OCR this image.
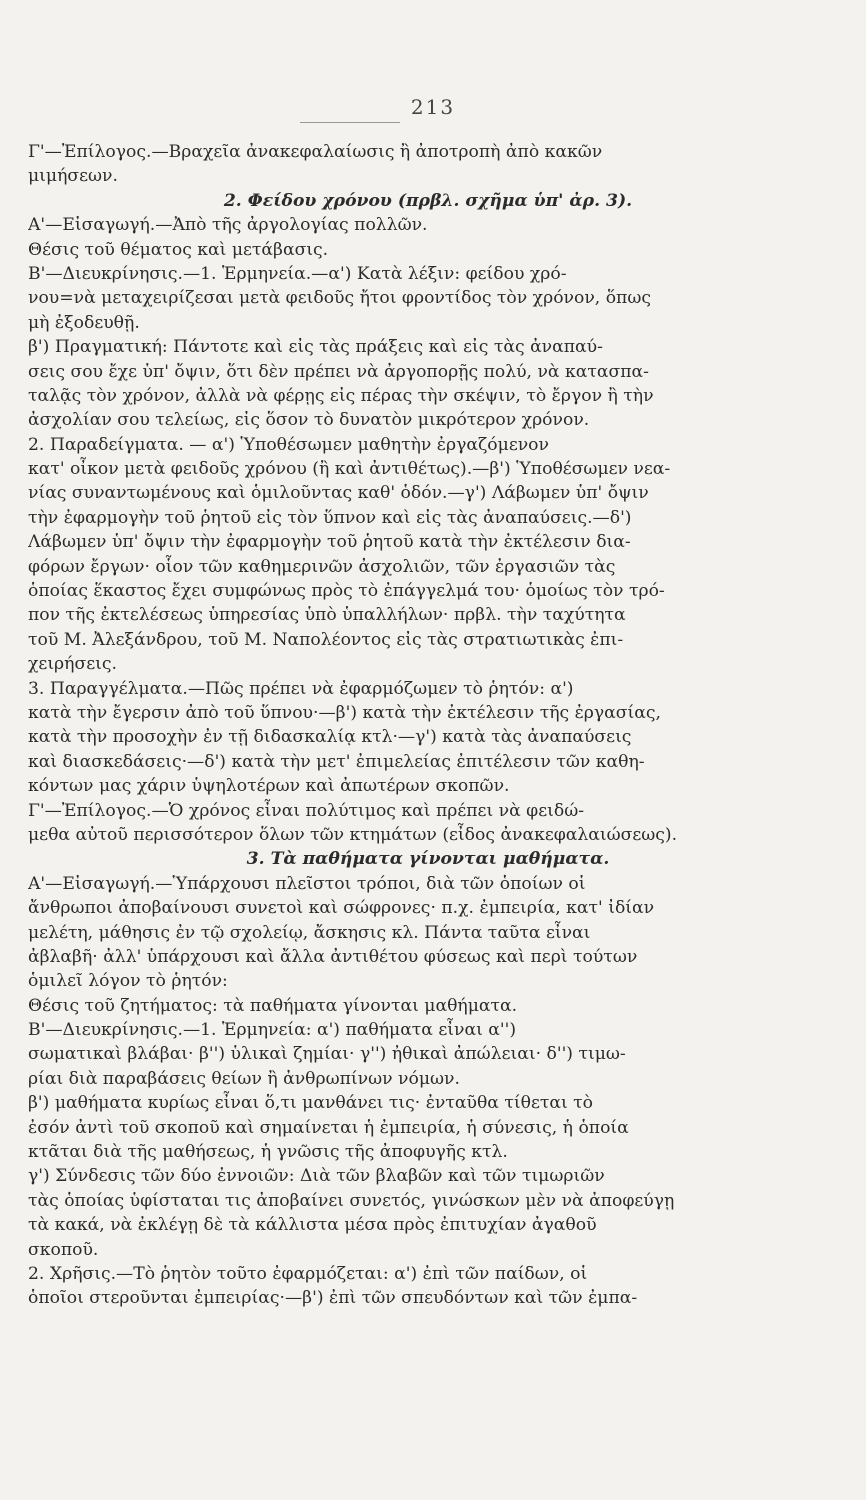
213
Γ'—Ἐπίλογος.—Βραχεῖα ἀνακεφαλαίωσις ἢ ἀποτροπὴ ἀπὸ κακῶν
μιμήσεων.
2. Φείδου χρόνου (πρβλ. σχῆμα ὑπ' ἀρ. 3).
Α'—Εἰσαγωγή.—Ἀπὸ τῆς ἀργολογίας πολλῶν.
Θέσις τοῦ θέματος καὶ μετάβασις.
Β'—Διευκρίνησις.—1. Ἑρμηνεία.—α') Κατὰ λέξιν: φείδου χρό-
νου=νὰ μεταχειρίζεσαι μετὰ φειδοῦς ἤτοι φροντίδος τὸν χρόνον, ὅπως
μὴ ἐξοδευθῇ.
β') Πραγματική: Πάντοτε καὶ εἰς τὰς πράξεις καὶ εἰς τὰς ἀναπαύ-
σεις σου ἔχε ὑπ' ὄψιν, ὅτι δὲν πρέπει νὰ ἀργοπορῇς πολύ, νὰ κατασπα-
ταλᾷς τὸν χρόνον, ἀλλὰ νὰ φέρῃς εἰς πέρας τὴν σκέψιν, τὸ ἔργον ἢ τὴν
ἀσχολίαν σου τελείως, εἰς ὅσον τὸ δυνατὸν μικρότερον χρόνον.
2. Παραδείγματα. — α') Ὑποθέσωμεν μαθητὴν ἐργαζόμενον
κατ' οἶκον μετὰ φειδοῦς χρόνου (ἢ καὶ ἀντιθέτως).—β') Ὑποθέσωμεν νεα-
νίας συναντωμένους καὶ ὁμιλοῦντας καθ' ὁδόν.—γ') Λάβωμεν ὑπ' ὄψιν
τὴν ἐφαρμογὴν τοῦ ῥητοῦ εἰς τὸν ὕπνον καὶ εἰς τὰς ἀναπαύσεις.—δ')
Λάβωμεν ὑπ' ὄψιν τὴν ἐφαρμογὴν τοῦ ῥητοῦ κατὰ τὴν ἐκτέλεσιν δια-
φόρων ἔργων· οἷον τῶν καθημερινῶν ἀσχολιῶν, τῶν ἐργασιῶν τὰς
ὁποίας ἕκαστος ἔχει συμφώνως πρὸς τὸ ἐπάγγελμά του· ὁμοίως τὸν τρό-
πον τῆς ἐκτελέσεως ὑπηρεσίας ὑπὸ ὑπαλλήλων· πρβλ. τὴν ταχύτητα
τοῦ Μ. Ἀλεξάνδρου, τοῦ Μ. Ναπολέοντος εἰς τὰς στρατιωτικὰς ἐπι-
χειρήσεις.
3. Παραγγέλματα.—Πῶς πρέπει νὰ ἐφαρμόζωμεν τὸ ῥητόν: α')
κατὰ τὴν ἔγερσιν ἀπὸ τοῦ ὕπνου·—β') κατὰ τὴν ἐκτέλεσιν τῆς ἐργασίας,
κατὰ τὴν προσοχὴν ἐν τῇ διδασκαλίᾳ κτλ·—γ') κατὰ τὰς ἀναπαύσεις
καὶ διασκεδάσεις·—δ') κατὰ τὴν μετ' ἐπιμελείας ἐπιτέλεσιν τῶν καθη-
κόντων μας χάριν ὑψηλοτέρων καὶ ἀπωτέρων σκοπῶν.
Γ'—Ἐπίλογος.—Ὁ χρόνος εἶναι πολύτιμος καὶ πρέπει νὰ φειδώ-
μεθα αὐτοῦ περισσότερον ὅλων τῶν κτημάτων (εἶδος ἀνακεφαλαιώσεως).
3. Τὰ παθήματα γίνονται μαθήματα.
Α'—Εἰσαγωγή.—Ὑπάρχουσι πλεῖστοι τρόποι, διὰ τῶν ὁποίων οἱ
ἄνθρωποι ἀποβαίνουσι συνετοὶ καὶ σώφρονες· π.χ. ἐμπειρία, κατ' ἰδίαν
μελέτη, μάθησις ἐν τῷ σχολείῳ, ἄσκησις κλ. Πάντα ταῦτα εἶναι
ἀβλαβῆ· ἀλλ' ὑπάρχουσι καὶ ἄλλα ἀντιθέτου φύσεως καὶ περὶ τούτων
ὁμιλεῖ λόγον τὸ ῥητόν:
Θέσις τοῦ ζητήματος: τὰ παθήματα γίνονται μαθήματα.
Β'—Διευκρίνησις.—1. Ἑρμηνεία: α') παθήματα εἶναι α'')
σωματικαὶ βλάβαι· β'') ὑλικαὶ ζημίαι· γ'') ἠθικαὶ ἀπώλειαι· δ'') τιμω-
ρίαι διὰ παραβάσεις θείων ἢ ἀνθρωπίνων νόμων.
β') μαθήματα κυρίως εἶναι ὅ,τι μανθάνει τις· ἐνταῦθα τίθεται τὸ
ἐσόν ἀντὶ τοῦ σκοποῦ καὶ σημαίνεται ἡ ἐμπειρία, ἡ σύνεσις, ἡ ὁποία
κτᾶται διὰ τῆς μαθήσεως, ἡ γνῶσις τῆς ἀποφυγῆς κτλ.
γ') Σύνδεσις τῶν δύο ἐννοιῶν: Διὰ τῶν βλαβῶν καὶ τῶν τιμωριῶν
τὰς ὁποίας ὑφίσταται τις ἀποβαίνει συνετός, γινώσκων μὲν νὰ ἀποφεύγῃ
τὰ κακά, νὰ ἐκλέγῃ δὲ τὰ κάλλιστα μέσα πρὸς ἐπιτυχίαν ἀγαθοῦ
σκοποῦ.
2. Χρῆσις.—Τὸ ῥητὸν τοῦτο ἐφαρμόζεται: α') ἐπὶ τῶν παίδων, οἱ
ὁποῖοι στεροῦνται ἐμπειρίας·—β') ἐπὶ τῶν σπευδόντων καὶ τῶν ἐμπα-
